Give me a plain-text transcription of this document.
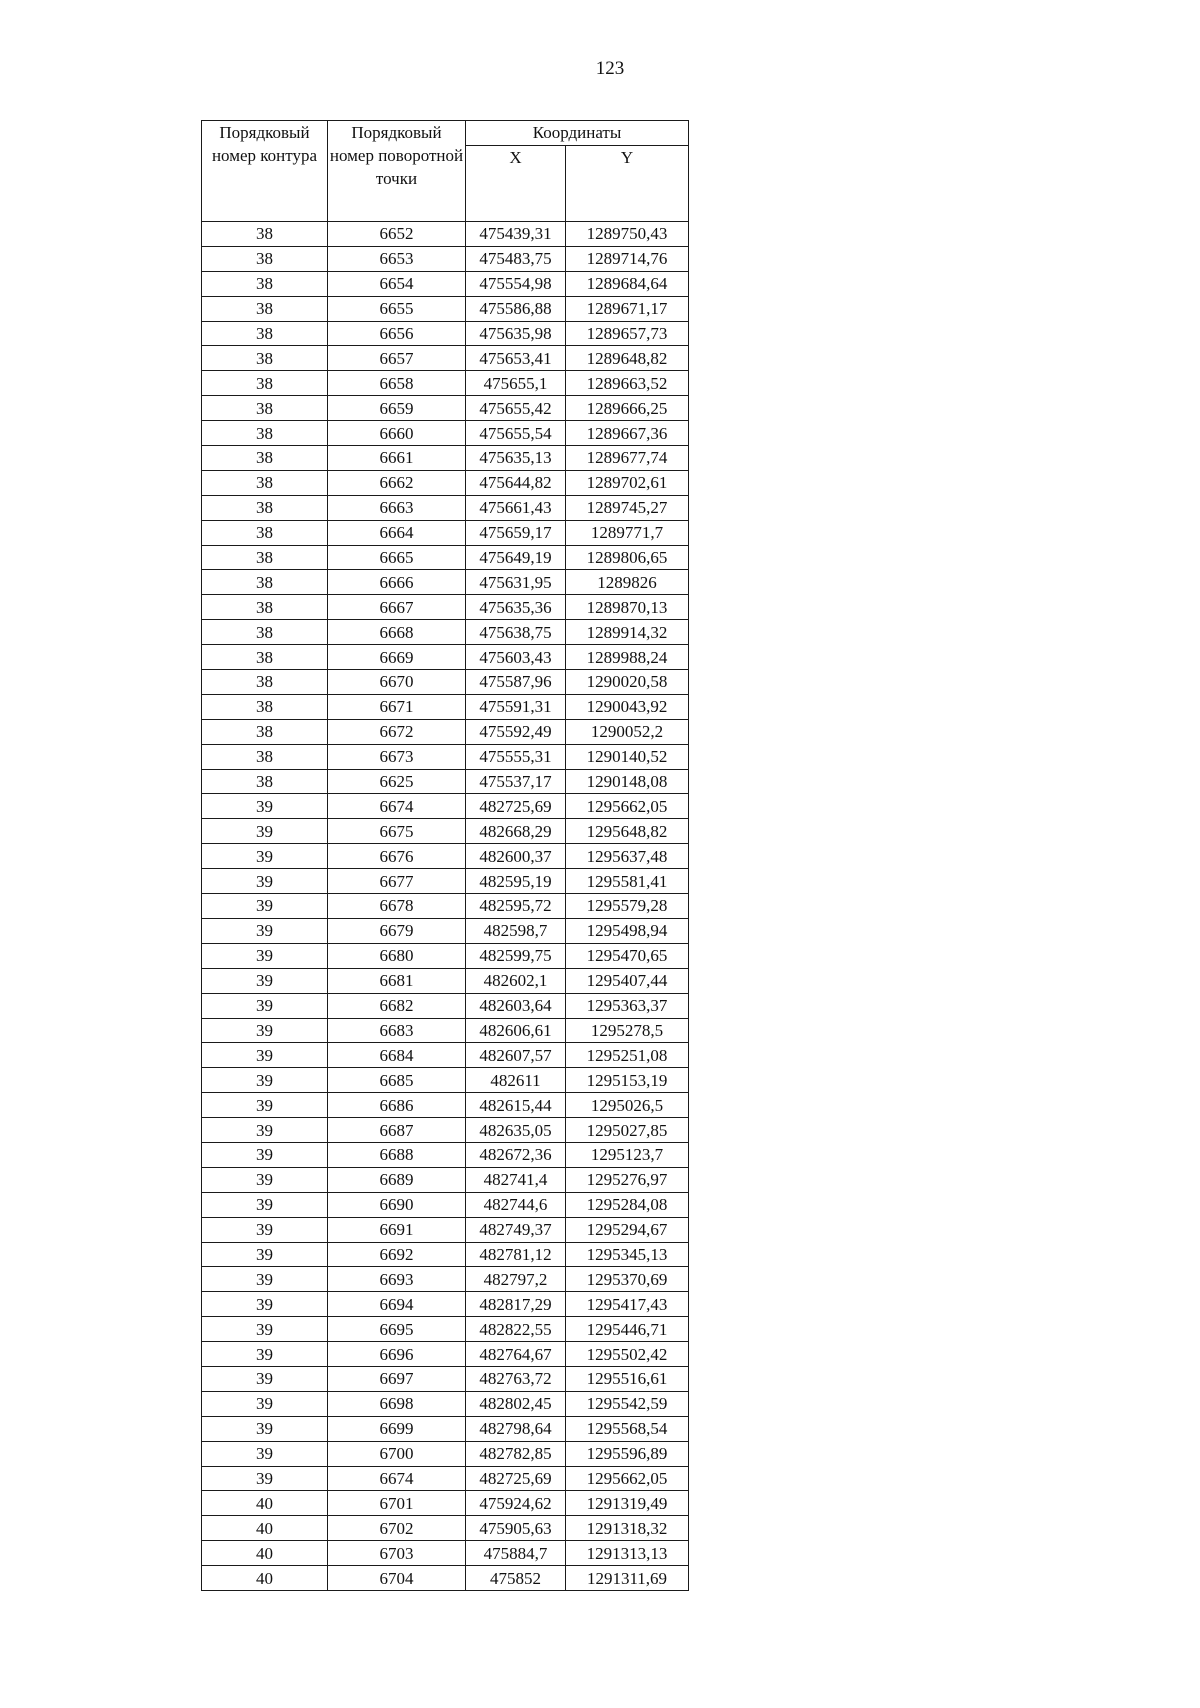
123
Порядковый номер контура	Порядковый номер поворотной точки	Координаты	
		X	Y
38	6652	475439,31	1289750,43
38	6653	475483,75	1289714,76
38	6654	475554,98	1289684,64
38	6655	475586,88	1289671,17
38	6656	475635,98	1289657,73
38	6657	475653,41	1289648,82
38	6658	475655,1	1289663,52
38	6659	475655,42	1289666,25
38	6660	475655,54	1289667,36
38	6661	475635,13	1289677,74
38	6662	475644,82	1289702,61
38	6663	475661,43	1289745,27
38	6664	475659,17	1289771,7
38	6665	475649,19	1289806,65
38	6666	475631,95	1289826
38	6667	475635,36	1289870,13
38	6668	475638,75	1289914,32
38	6669	475603,43	1289988,24
38	6670	475587,96	1290020,58
38	6671	475591,31	1290043,92
38	6672	475592,49	1290052,2
38	6673	475555,31	1290140,52
38	6625	475537,17	1290148,08
39	6674	482725,69	1295662,05
39	6675	482668,29	1295648,82
39	6676	482600,37	1295637,48
39	6677	482595,19	1295581,41
39	6678	482595,72	1295579,28
39	6679	482598,7	1295498,94
39	6680	482599,75	1295470,65
39	6681	482602,1	1295407,44
39	6682	482603,64	1295363,37
39	6683	482606,61	1295278,5
39	6684	482607,57	1295251,08
39	6685	482611	1295153,19
39	6686	482615,44	1295026,5
39	6687	482635,05	1295027,85
39	6688	482672,36	1295123,7
39	6689	482741,4	1295276,97
39	6690	482744,6	1295284,08
39	6691	482749,37	1295294,67
39	6692	482781,12	1295345,13
39	6693	482797,2	1295370,69
39	6694	482817,29	1295417,43
39	6695	482822,55	1295446,71
39	6696	482764,67	1295502,42
39	6697	482763,72	1295516,61
39	6698	482802,45	1295542,59
39	6699	482798,64	1295568,54
39	6700	482782,85	1295596,89
39	6674	482725,69	1295662,05
40	6701	475924,62	1291319,49
40	6702	475905,63	1291318,32
40	6703	475884,7	1291313,13
40	6704	475852	1291311,69
